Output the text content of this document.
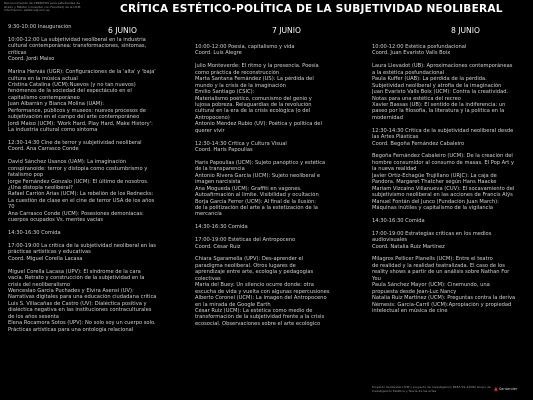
Reconocimiento de CRÉDITOS para estudiantes de Grado y Máster (consultar con Facultad) de la UCM. Información: estetica@ucm.es	CRÍTICA ESTÉTICO-POLÍTICA DE LA SUBJETIVIDAD NEOLIBERAL
6 JUNIO	7 JUNIO	8 JUNIO
9:30-10:00 Inauguración
10:00-12:00 La subjetividad neoliberal en la industria
cultural contemporánea: transformaciones, síntomas,
críticas
Coord. Jordi Maiso
Marina Hervás (UGR): Configuraciones de la 'alta' y 'baja'
cultura en la música actual
Cristina Catalina (UCM):Nuevos (y no tan nuevos)
fenómenos de la sociedad del espectáculo en el
capitalismo contemporáneo
Juan Albarrán y Bianca Molina (UAM):
Performance, públicos y museos: nuevos procesos de
subjetivación en el campo del arte contemporáneo
Jordi Maiso (UCM): 'Work Hard, Play Hard, Make History':
La industria cultural como síntoma
12:30-14:30 Cine de terror y subjetividad neoliberal
Coord. Ana Carrasco Conde
David Sánchez Usanos (UAM): La imaginación
conspiranoide: terror y distopía como costumbrismo y
fatalismo pop
Jorge Fernández Gonzalo (UCM): El último de nosotros.
¿Una distopía neoliberal?
Rafael Carrión Arias (UCM): La rebelión de los Rednecks:
La cuestión de clase en el cine de terror USA de los años
70
Ana Carrasco Conde (UCM): Posesiones demoníacas:
cuerpos ocupados Vs. mentes vacías
14:30-16:30 Comida
17:00-19:00 La crítica de la subjetividad neoliberal en las
prácticas artísticas y educativas
Coord. Miguel Corella Lacasa
Miguel Corella Lacasa (UPV): El síndrome de la cara
vacía. Retrato y construcción de la subjetividad en la
crisis del neoliberalismo
Wenceslao García Puchades y Elvira Asensi (UV):
Narrativas digitales para una educación ciudadana crítica
Luis S. Villacañas de Castro (UV): Dialéctica positiva y
dialéctica negativa en las instituciones contraculturales
de los años sesenta
Elena Rocamora Sotos (UPV): No solo soy un cuerpo solo.
Prácticas artísticas para una ontología relacional
10:00-12:00 Poesía, capitalismo y vida
Coord. Luis Alegre
Julio Monteverde: El ritmo y la presencia. Poesía
como práctica de reconstrucción
Marta Santana Fernández (US): La pérdida del
mundo y la crisis de la imaginación
Emilio Santiago (CSIC):
Materialismo poético, comunismo del genio y
lujosa pobreza. Relaguardias de la revolución
cultural en la era de la crisis ecológica (o del
Antropoceno)
Antonio Méndez Rubio (UV): Poética y política del
querer vivir
12:30-14:30 Crítica y Cultura Visual
Coord. Haris Papoulias
Haris Papoulias (UCM): Sujeto panóptico y estética
de la transparencia
Antonio Rivera García (UCM): Sujeto neoliberal e
imagen narcisista
Ana Mogueda (UCM): Graffiti en vagones.
Autoafirmación al límite. Visibilidad y ocultación
Borja García Ferrer (UCM): Al final de la ilusión:
de la politización del arte a la estetización de la
mercancía
14:30-16:30 Comida
17:00-19:00 Estéticas del Antropoceno
Coord. César Ruiz
Chiara Sgaramella (UPV): Des-aprender el
paradigma neoliberal. Otros lugares de
aprendizaje entre arte, ecología y pedagogías
colectivas
María del Buey: Un silencio ocurre donde: otra
escucha de vida y vuelta con algunas repercusiones
Alberto Coronel (UCM): La imagen del Antropoceno
en la mirada de Google Earth
César Ruiz (UCM): La estética como medio de
transformación de la subjetividad frente a la crisis
ecosocial. Observaciones sobre el arte ecológico
10:00-12:00 Estética posfundacional
Coord. Juan Evaristo Valls Boix
Laura Llevadot (UB): Aproximaciones contemporáneas
a la estética posfundacional
Paula Kuffer (UAB): La pérdida de la pérdida.
Subjetividad neoliberal y atrofia de la imaginación
Juan Evaristo Valls Boix (UCM): Contra la creatividad.
Notas para una estética del recreo
Xavier Bassas (UB): El sentido de la indiferencia: un
paseo por la filosofía, la literatura y la política en la
modernidad
12:30-14:30 Crítica de la subjetividad neoliberal desde
las Artes Plásticas
Coord. Begoña Fernández Cabaleiro
Begoña Fernández Cabaleiro (UCM): De la creación del
hombre consumidor al consumo de masas. El Pop Art y
la nueva realidad
Javier Ortiz-Echagüe Trujillano (URJC): La caja de
Pandora. Margaret Thatcher según Hans Haacke
Mariam Vizcaíno Villanueva (CUV): El socavamiento del
subjetivismo neoliberal en las acciones de Francis Alÿs
Manuel Fontán del Junco (Fundación Juan March):
Máquinas inútiles y capitalismo de la vigilancia
14:30-16:30 Comida
17:00-19:00 Estrategias críticas en los medios
audiovisuales
Coord. Natalia Ruiz Martínez
Milagros Pellicer Planells (UCM): Entre el teatro
de realidad y la realidad teatralizada. El caso de los
reality shows a partir de un análisis sobre Nathan For
You
Paula Sánchez Mayor (UCM): Cinemundo, una
propuesta desde Jean-Luc Nancy
Natalia Ruiz Martínez (UCM): Preguntas contra la deriva
Némesis: García-Carril (UCM):Apropiación y propiedad
intelectual en música de cine
Proyecto Santander-UCM y proyecto de Investigación PR87/19-22582 Grupo de Investigación Estética y Teoría de las Artes	▲ Santander
